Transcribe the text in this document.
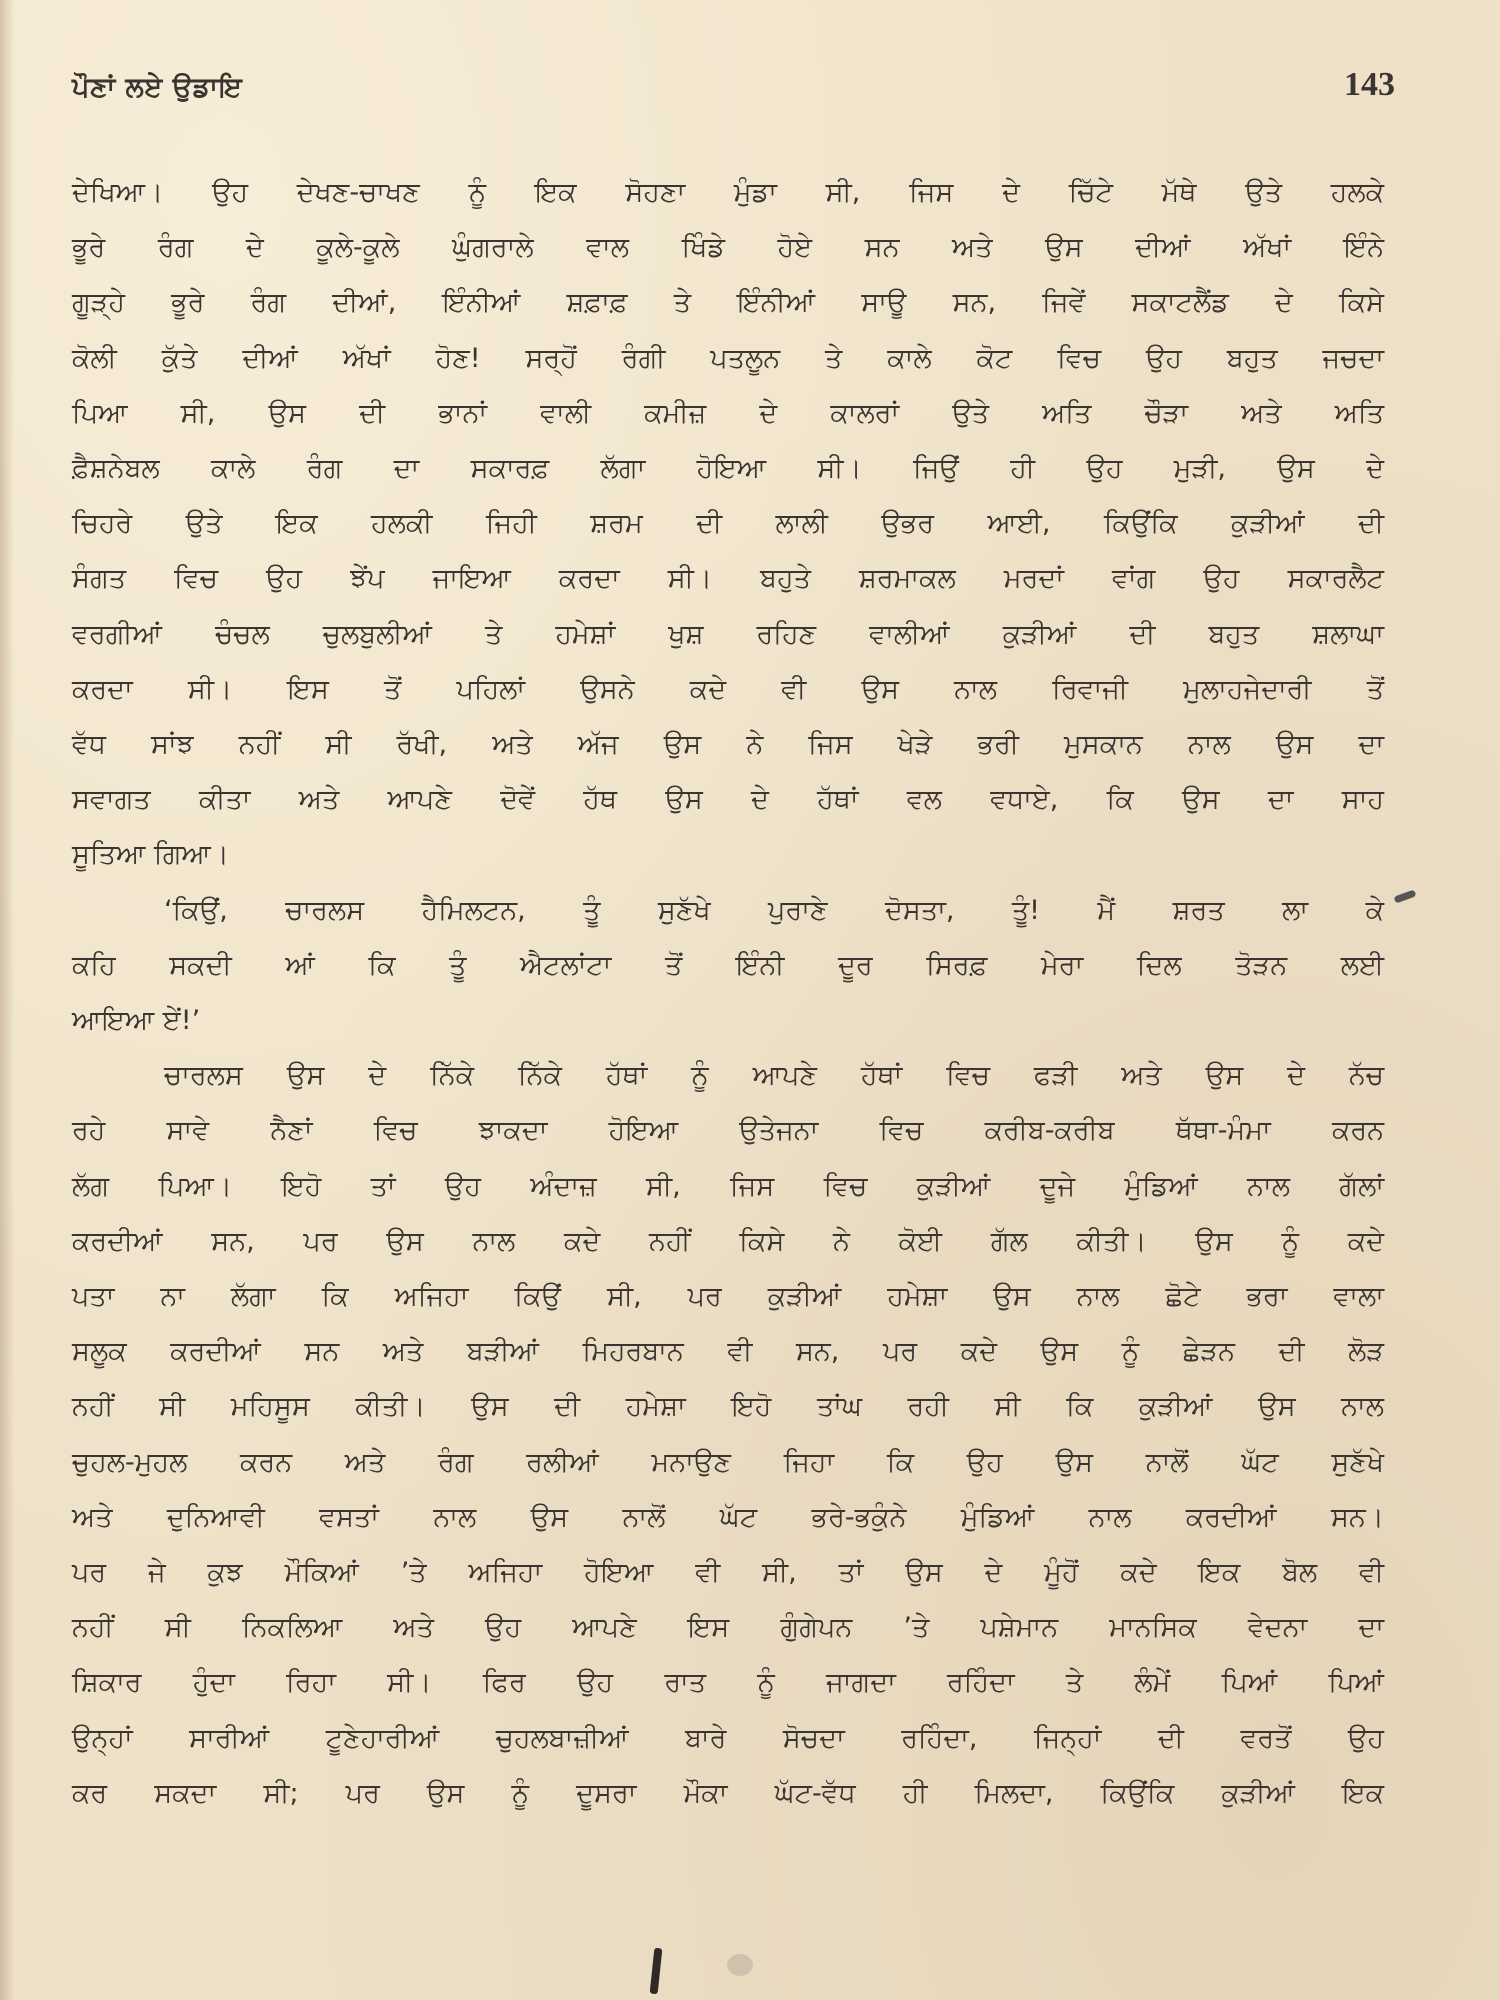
ਪੌਣਾਂ ਲਏ ਉਡਾਇ	143

ਦੇਖਿਆ। ਉਹ ਦੇਖਣ-ਚਾਖਣ ਨੂੰ ਇਕ ਸੋਹਣਾ ਮੁੰਡਾ ਸੀ, ਜਿਸ ਦੇ ਚਿੱਟੇ ਮੱਥੇ ਉਤੇ ਹਲਕੇ
ਭੂਰੇ ਰੰਗ ਦੇ ਕੂਲੇ-ਕੂਲੇ ਘੁੰਗਰਾਲੇ ਵਾਲ ਖਿੰਡੇ ਹੋਏ ਸਨ ਅਤੇ ਉਸ ਦੀਆਂ ਅੱਖਾਂ ਇੰਨੇ
ਗੂੜ੍ਹੇ ਭੂਰੇ ਰੰਗ ਦੀਆਂ, ਇੰਨੀਆਂ ਸ਼ਫ਼ਾਫ਼ ਤੇ ਇੰਨੀਆਂ ਸਾਊ ਸਨ, ਜਿਵੇਂ ਸਕਾਟਲੈਂਡ ਦੇ ਕਿਸੇ
ਕੋਲੀ ਕੁੱਤੇ ਦੀਆਂ ਅੱਖਾਂ ਹੋਣ! ਸਰ੍ਹੋਂ ਰੰਗੀ ਪਤਲੂਨ ਤੇ ਕਾਲੇ ਕੋਟ ਵਿਚ ਉਹ ਬਹੁਤ ਜਚਦਾ
ਪਿਆ ਸੀ, ਉਸ ਦੀ ਭਾਨਾਂ ਵਾਲੀ ਕਮੀਜ਼ ਦੇ ਕਾਲਰਾਂ ਉਤੇ ਅਤਿ ਚੌੜਾ ਅਤੇ ਅਤਿ
ਫ਼ੈਸ਼ਨੇਬਲ ਕਾਲੇ ਰੰਗ ਦਾ ਸਕਾਰਫ਼ ਲੱਗਾ ਹੋਇਆ ਸੀ। ਜਿਉਂ ਹੀ ਉਹ ਮੁੜੀ, ਉਸ ਦੇ
ਚਿਹਰੇ ਉਤੇ ਇਕ ਹਲਕੀ ਜਿਹੀ ਸ਼ਰਮ ਦੀ ਲਾਲੀ ਉਭਰ ਆਈ, ਕਿਉਂਕਿ ਕੁੜੀਆਂ ਦੀ
ਸੰਗਤ ਵਿਚ ਉਹ ਝੇਂਪ ਜਾਇਆ ਕਰਦਾ ਸੀ। ਬਹੁਤੇ ਸ਼ਰਮਾਕਲ ਮਰਦਾਂ ਵਾਂਗ ਉਹ ਸਕਾਰਲੈਟ
ਵਰਗੀਆਂ ਚੰਚਲ ਚੁਲਬੁਲੀਆਂ ਤੇ ਹਮੇਸ਼ਾਂ ਖੁਸ਼ ਰਹਿਣ ਵਾਲੀਆਂ ਕੁੜੀਆਂ ਦੀ ਬਹੁਤ ਸ਼ਲਾਘਾ
ਕਰਦਾ ਸੀ। ਇਸ ਤੋਂ ਪਹਿਲਾਂ ਉਸਨੇ ਕਦੇ ਵੀ ਉਸ ਨਾਲ ਰਿਵਾਜੀ ਮੁਲਾਹਜੇਦਾਰੀ ਤੋਂ
ਵੱਧ ਸਾਂਝ ਨਹੀਂ ਸੀ ਰੱਖੀ, ਅਤੇ ਅੱਜ ਉਸ ਨੇ ਜਿਸ ਖੇੜੇ ਭਰੀ ਮੁਸਕਾਨ ਨਾਲ ਉਸ ਦਾ
ਸਵਾਗਤ ਕੀਤਾ ਅਤੇ ਆਪਣੇ ਦੋਵੇਂ ਹੱਥ ਉਸ ਦੇ ਹੱਥਾਂ ਵਲ ਵਧਾਏ, ਕਿ ਉਸ ਦਾ ਸਾਹ
ਸੂਤਿਆ ਗਿਆ।

‘ਕਿਉਂ, ਚਾਰਲਸ ਹੈਮਿਲਟਨ, ਤੂੰ ਸੁਣੱਖੇ ਪੁਰਾਣੇ ਦੋਸਤਾ, ਤੂੰ! ਮੈਂ ਸ਼ਰਤ ਲਾ ਕੇ
ਕਹਿ ਸਕਦੀ ਆਂ ਕਿ ਤੂੰ ਐਟਲਾਂਟਾ ਤੋਂ ਇੰਨੀ ਦੂਰ ਸਿਰਫ਼ ਮੇਰਾ ਦਿਲ ਤੋੜਨ ਲਈ
ਆਇਆ ਏਂ!’

ਚਾਰਲਸ ਉਸ ਦੇ ਨਿੱਕੇ ਨਿੱਕੇ ਹੱਥਾਂ ਨੂੰ ਆਪਣੇ ਹੱਥਾਂ ਵਿਚ ਫੜੀ ਅਤੇ ਉਸ ਦੇ ਨੱਚ
ਰਹੇ ਸਾਵੇ ਨੈਣਾਂ ਵਿਚ ਝਾਕਦਾ ਹੋਇਆ ਉਤੇਜਨਾ ਵਿਚ ਕਰੀਬ-ਕਰੀਬ ਥੱਥਾ-ਮੰਮਾ ਕਰਨ
ਲੱਗ ਪਿਆ। ਇਹੋ ਤਾਂ ਉਹ ਅੰਦਾਜ਼ ਸੀ, ਜਿਸ ਵਿਚ ਕੁੜੀਆਂ ਦੂਜੇ ਮੁੰਡਿਆਂ ਨਾਲ ਗੱਲਾਂ
ਕਰਦੀਆਂ ਸਨ, ਪਰ ਉਸ ਨਾਲ ਕਦੇ ਨਹੀਂ ਕਿਸੇ ਨੇ ਕੋਈ ਗੱਲ ਕੀਤੀ। ਉਸ ਨੂੰ ਕਦੇ
ਪਤਾ ਨਾ ਲੱਗਾ ਕਿ ਅਜਿਹਾ ਕਿਉਂ ਸੀ, ਪਰ ਕੁੜੀਆਂ ਹਮੇਸ਼ਾ ਉਸ ਨਾਲ ਛੋਟੇ ਭਰਾ ਵਾਲਾ
ਸਲੂਕ ਕਰਦੀਆਂ ਸਨ ਅਤੇ ਬੜੀਆਂ ਮਿਹਰਬਾਨ ਵੀ ਸਨ, ਪਰ ਕਦੇ ਉਸ ਨੂੰ ਛੇੜਨ ਦੀ ਲੋੜ
ਨਹੀਂ ਸੀ ਮਹਿਸੂਸ ਕੀਤੀ। ਉਸ ਦੀ ਹਮੇਸ਼ਾ ਇਹੋ ਤਾਂਘ ਰਹੀ ਸੀ ਕਿ ਕੁੜੀਆਂ ਉਸ ਨਾਲ
ਚੁਹਲ-ਮੁਹਲ ਕਰਨ ਅਤੇ ਰੰਗ ਰਲੀਆਂ ਮਨਾਉਣ ਜਿਹਾ ਕਿ ਉਹ ਉਸ ਨਾਲੋਂ ਘੱਟ ਸੁਣੱਖੇ
ਅਤੇ ਦੁਨਿਆਵੀ ਵਸਤਾਂ ਨਾਲ ਉਸ ਨਾਲੋਂ ਘੱਟ ਭਰੇ-ਭਕੁੰਨੇ ਮੁੰਡਿਆਂ ਨਾਲ ਕਰਦੀਆਂ ਸਨ।
ਪਰ ਜੇ ਕੁਝ ਮੌਕਿਆਂ ’ਤੇ ਅਜਿਹਾ ਹੋਇਆ ਵੀ ਸੀ, ਤਾਂ ਉਸ ਦੇ ਮੂੰਹੋਂ ਕਦੇ ਇਕ ਬੋਲ ਵੀ
ਨਹੀਂ ਸੀ ਨਿਕਲਿਆ ਅਤੇ ਉਹ ਆਪਣੇ ਇਸ ਗੁੰਗੇਪਨ ’ਤੇ ਪਸ਼ੇਮਾਨ ਮਾਨਸਿਕ ਵੇਦਨਾ ਦਾ
ਸ਼ਿਕਾਰ ਹੁੰਦਾ ਰਿਹਾ ਸੀ। ਫਿਰ ਉਹ ਰਾਤ ਨੂੰ ਜਾਗਦਾ ਰਹਿੰਦਾ ਤੇ ਲੰਮੇਂ ਪਿਆਂ ਪਿਆਂ
ਉਨ੍ਹਾਂ ਸਾਰੀਆਂ ਟੂਣੇਹਾਰੀਆਂ ਚੁਹਲਬਾਜ਼ੀਆਂ ਬਾਰੇ ਸੋਚਦਾ ਰਹਿੰਦਾ, ਜਿਨ੍ਹਾਂ ਦੀ ਵਰਤੋਂ ਉਹ
ਕਰ ਸਕਦਾ ਸੀ; ਪਰ ਉਸ ਨੂੰ ਦੂਸਰਾ ਮੌਕਾ ਘੱਟ-ਵੱਧ ਹੀ ਮਿਲਦਾ, ਕਿਉਂਕਿ ਕੁੜੀਆਂ ਇਕ
